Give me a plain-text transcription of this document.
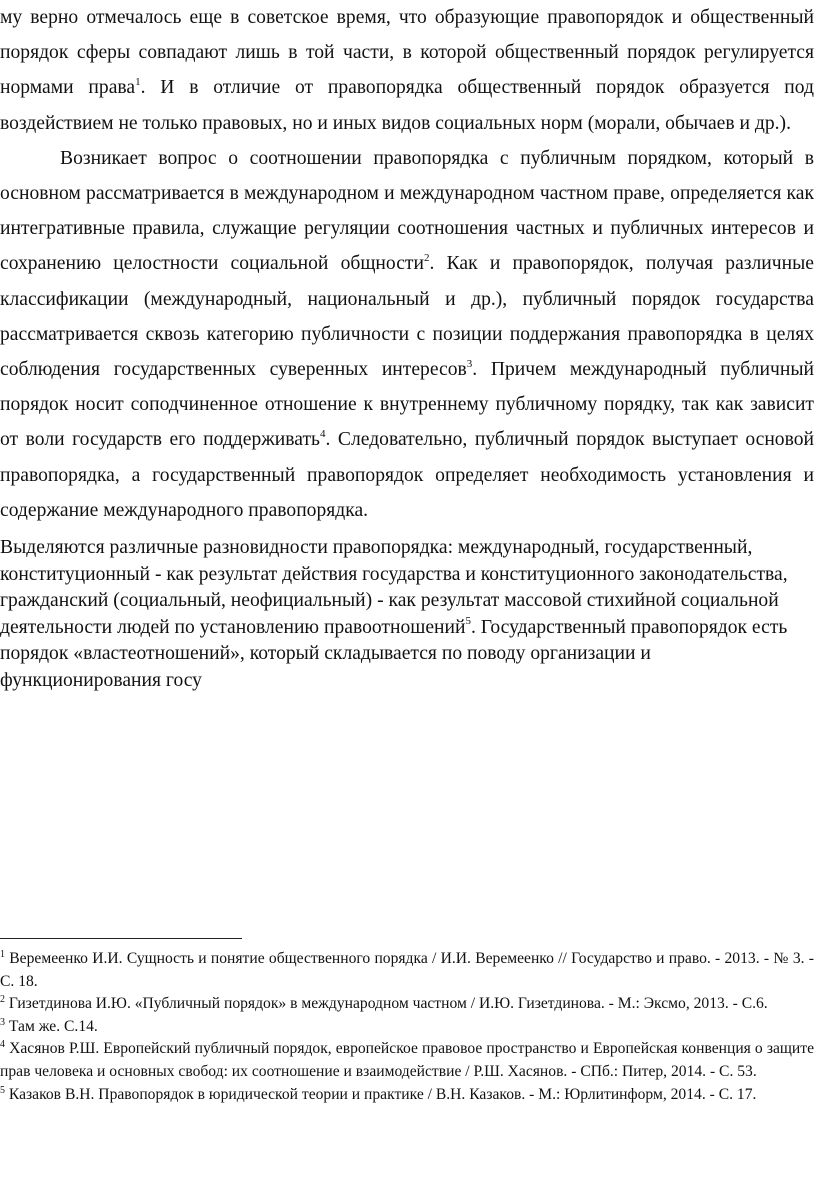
му верно отмечалось еще в советское время, что образующие правопорядок и общественный порядок сферы совпадают лишь в той части, в которой общественный порядок регулируется нормами права$^1$. И в отличие от правопорядка общественный порядок образуется под воздействием не только правовых, но и иных видов социальных норм (морали, обычаев и др.).

Возникает вопрос о соотношении правопорядка с публичным порядком, который в основном рассматривается в международном и международном частном праве, определяется как интегративные правила, служащие регуляции соотношения частных и публичных интересов и сохранению целостности социальной общности$^2$. Как и правопорядок, получая различные классификации (международный, национальный и др.), публичный порядок государства рассматривается сквозь категорию публичности с позиции поддержания правопорядка в целях соблюдения государственных суверенных интересов$^3$. Причем международный публичный порядок носит соподчиненное отношение к внутреннему публичному порядку, так как зависит от воли государств его поддерживать$^4$. Следовательно, публичный порядок выступает основой правопорядка, а государственный правопорядок определяет необходимость установления и содержание международного правопорядка.

Выделяются различные разновидности правопорядка: международный, государственный, конституционный - как результат действия государства и конституционного законодательства, гражданский (социальный, неофициальный) - как результат массовой стихийной социальной деятельности людей по установлению правоотношений$^5$. Государственный правопорядок есть порядок «властеотношений», который складывается по поводу организации и функционирования госу

$^1$ Веремеенко И.И. Сущность и понятие общественного порядка / И.И. Веремеенко // Государство и право. - 2013. - № 3. - С. 18.

$^2$ Гизетдинова И.Ю. «Публичный порядок» в международном частном / И.Ю. Гизетдинова. - М.: Эксмо, 2013. - С.6.

$^3$ Там же. С.14.

$^4$ Хасянов Р.Ш. Европейский публичный порядок, европейское правовое пространство и Европейская конвенция о защите прав человека и основных свобод: их соотношение и взаимодействие / Р.Ш. Хасянов. - СПб.: Питер, 2014. - С. 53.

$^5$ Казаков В.Н. Правопорядок в юридической теории и практике / В.Н. Казаков. - М.: Юрлитинформ, 2014. - С. 17.
